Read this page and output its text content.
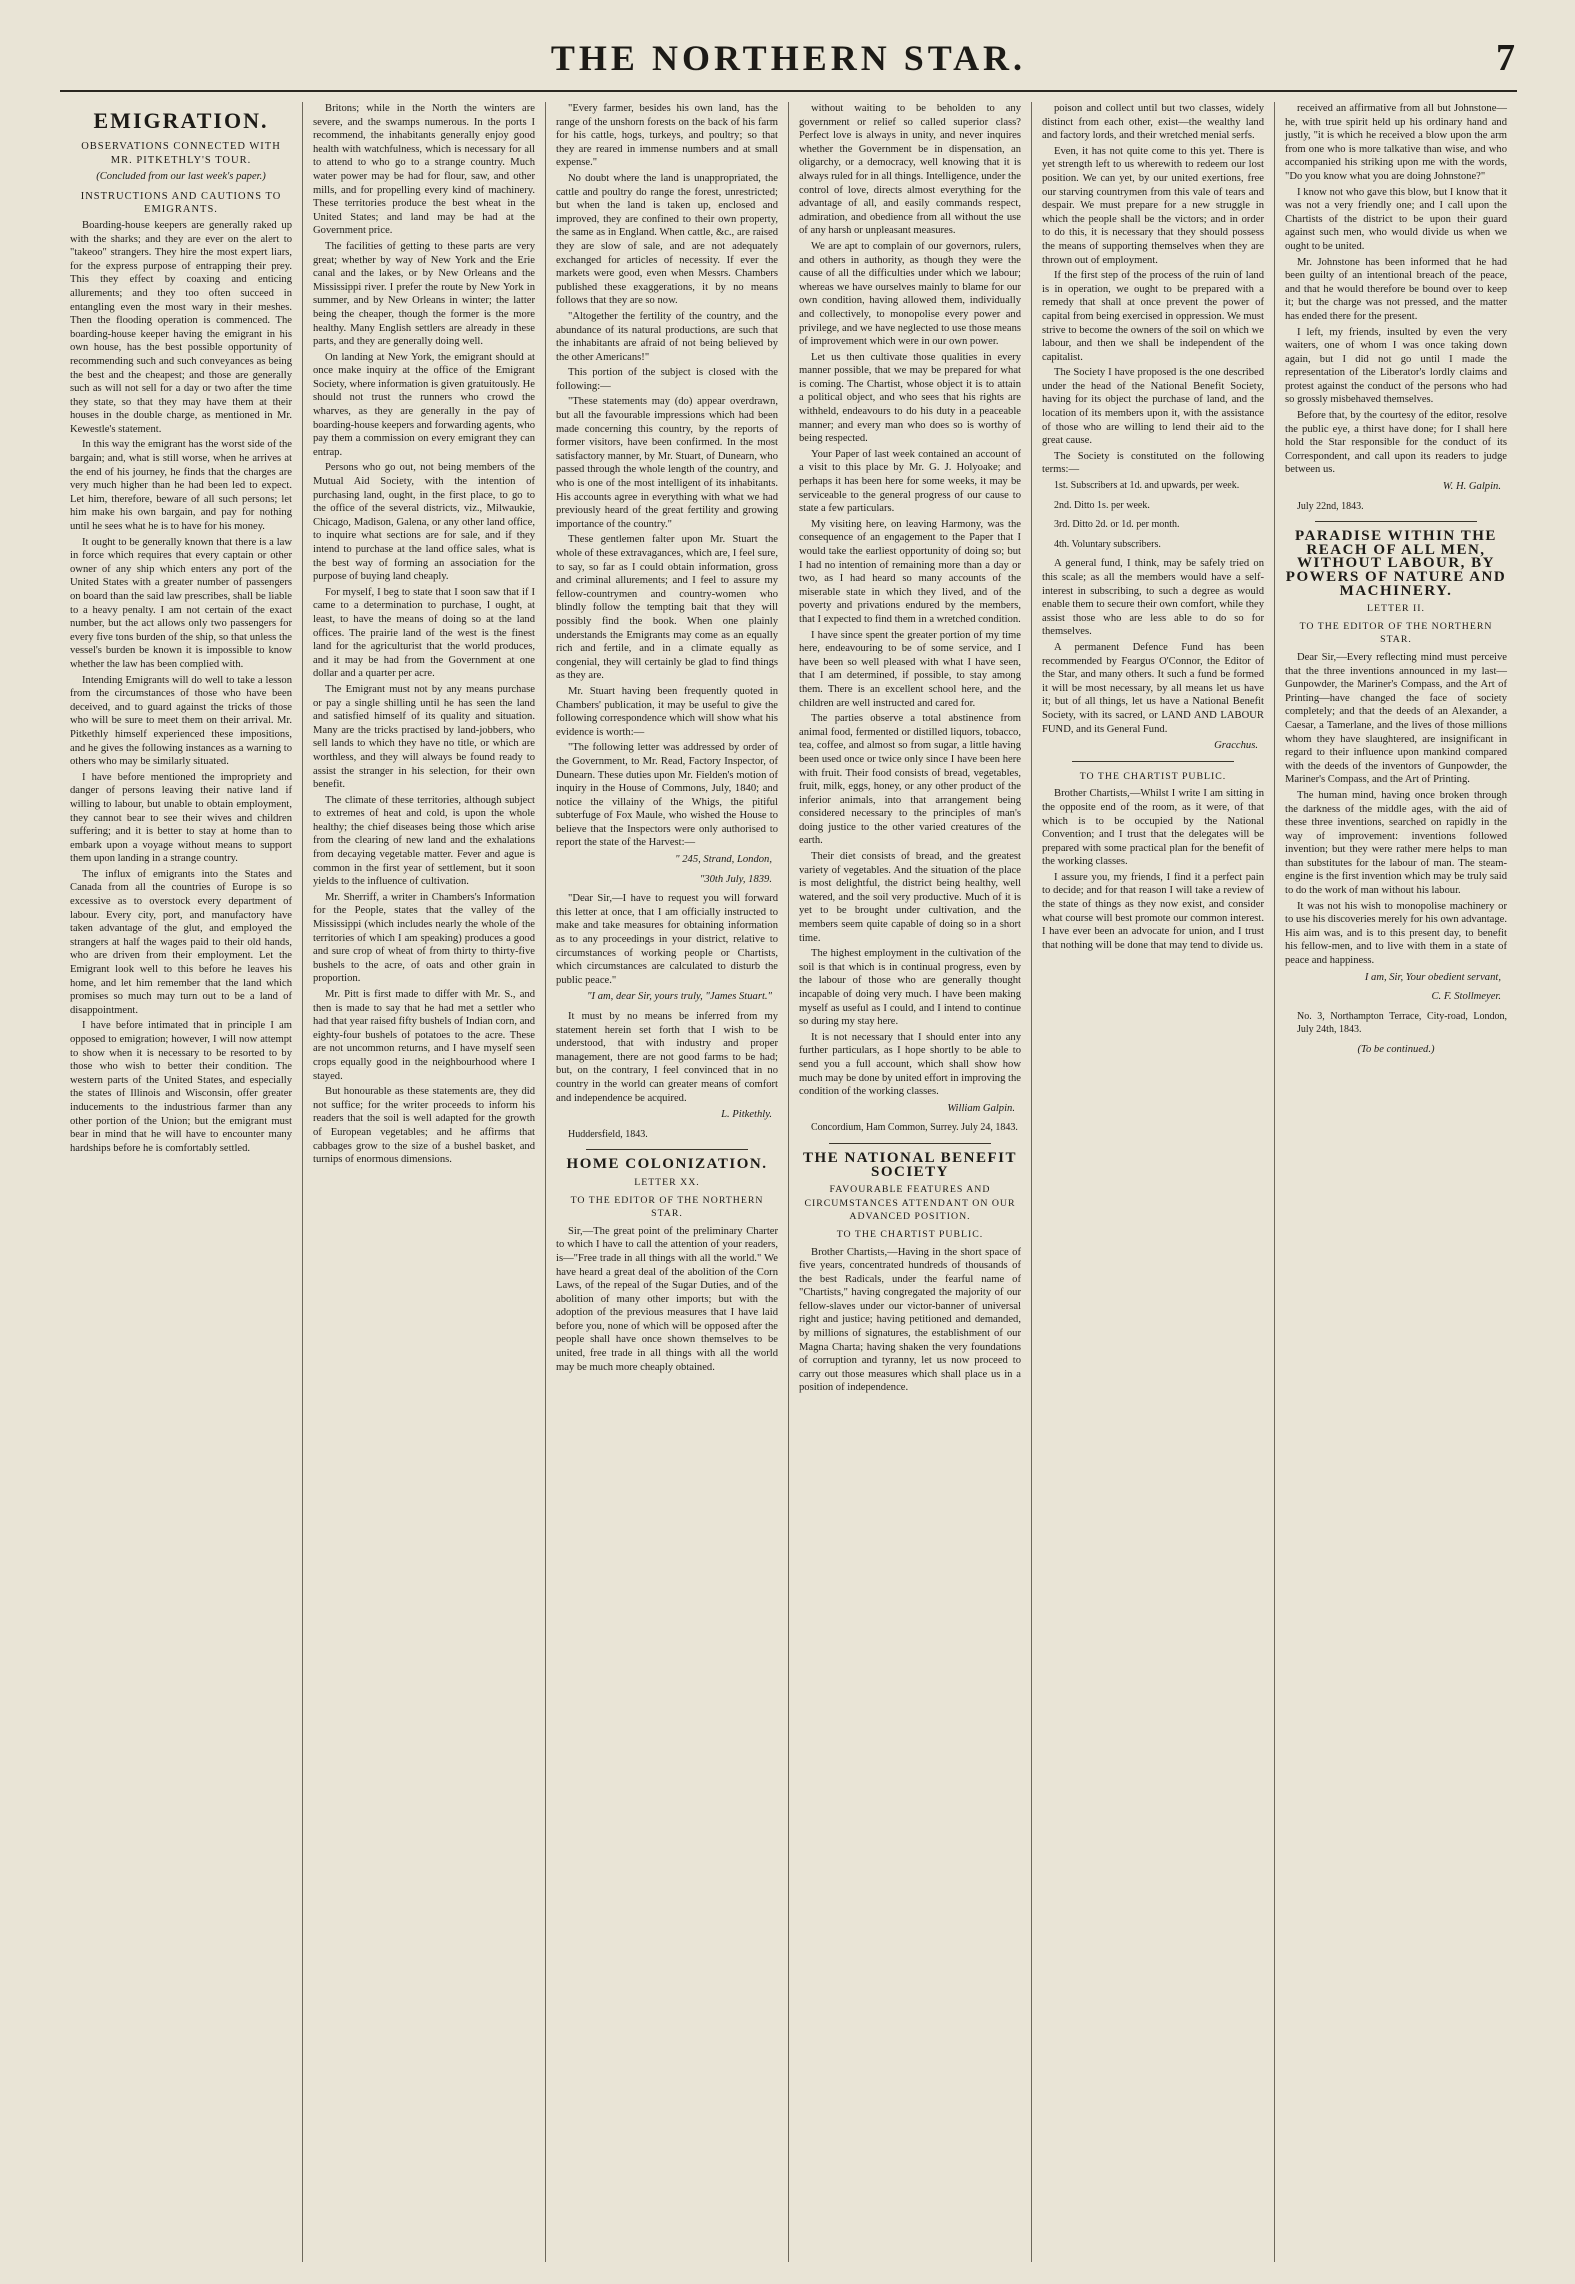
THE NORTHERN STAR.	7
EMIGRATION.
OBSERVATIONS CONNECTED WITH MR. PITKETHLY'S TOUR.
(Concluded from our last week's paper.)
INSTRUCTIONS AND CAUTIONS TO EMIGRANTS.

Boarding-house keepers are generally raked up with the sharks; and they are ever on the alert to "takeoo" strangers. They hire the most expert liars, for the express purpose of entrapping their prey. This they effect by coaxing and enticing allurements; and they too often succeed in entangling even the most wary in their meshes. Then the flooding operation is commenced. The boarding-house keeper having the emigrant in his own house, has the best possible opportunity of recommending such and such conveyances as being the best and the cheapest; and those are generally such as will not sell for a day or two after the time they state, so that they may have them at their houses in the double charge, as mentioned in Mr. Kewestle's statement.

In this way the emigrant has the worst side of the bargain; and, what is still worse, when he arrives at the end of his journey, he finds that the charges are very much higher than he had been led to expect. Let him, therefore, beware of all such persons; let him make his own bargain, and pay for nothing until he sees what he is to have for his money.

It ought to be generally known that there is a law in force which requires that every captain or other owner of any ship which enters any port of the United States with a greater number of passengers on board than the said law prescribes, shall be liable to a heavy penalty. I am not certain of the exact number, but the act allows only two passengers for every five tons burden of the ship, so that unless the vessel's burden be known it is impossible to know whether the law has been complied with.

Intending Emigrants will do well to take a lesson from the circumstances of those who have been deceived, and to guard against the tricks of those who will be sure to meet them on their arrival. Mr. Pitkethly himself experienced these impositions, and he gives the following instances as a warning to others who may be similarly situated.

I have before mentioned the impropriety and danger of persons leaving their native land if willing to labour, but unable to obtain employment, they cannot bear to see their wives and children suffering; and it is better to stay at home than to embark upon a voyage without means to support them upon landing in a strange country.

The influx of emigrants into the States and Canada from all the countries of Europe is so excessive as to overstock every department of labour. Every city, port, and manufactory have taken advantage of the glut, and employed the strangers at half the wages paid to their old hands, who are driven from their employment. Let the Emigrant look well to this before he leaves his home, and let him remember that the land which promises so much may turn out to be a land of disappointment.

I have before intimated that in principle I am opposed to emigration; however, I will now attempt to show when it is necessary to be resorted to by those who wish to better their condition. The western parts of the United States, and especially the states of Illinois and Wisconsin, offer greater inducements to the industrious farmer than any other portion of the Union; but the emigrant must bear in mind that he will have to encounter many hardships before he is comfortably settled.

Britons; while in the North the winters are severe, and the swamps numerous. In the ports I recommend, the inhabitants generally enjoy good health with watchfulness, which is necessary for all to attend to who go to a strange country. Much water power may be had for flour, saw, and other mills, and for propelling every kind of machinery. These territories produce the best wheat in the United States; and land may be had at the Government price.

The facilities of getting to these parts are very great; whether by way of New York and the Erie canal and the lakes, or by New Orleans and the Mississippi river. I prefer the route by New York in summer, and by New Orleans in winter; the latter being the cheaper, though the former is the more healthy. Many English settlers are already in these parts, and they are generally doing well.

On landing at New York, the emigrant should at once make inquiry at the office of the Emigrant Society, where information is given gratuitously. He should not trust the runners who crowd the wharves, as they are generally in the pay of boarding-house keepers and forwarding agents, who pay them a commission on every emigrant they can entrap.

Persons who go out, not being members of the Mutual Aid Society, with the intention of purchasing land, ought, in the first place, to go to the office of the several districts, viz., Milwaukie, Chicago, Madison, Galena, or any other land office, to inquire what sections are for sale, and if they intend to purchase at the land office sales, what is the best way of forming an association for the purpose of buying land cheaply.

For myself, I beg to state that I soon saw that if I came to a determination to purchase, I ought, at least, to have the means of doing so at the land offices. The prairie land of the west is the finest land for the agriculturist that the world produces, and it may be had from the Government at one dollar and a quarter per acre.

The Emigrant must not by any means purchase or pay a single shilling until he has seen the land and satisfied himself of its quality and situation. Many are the tricks practised by land-jobbers, who sell lands to which they have no title, or which are worthless, and they will always be found ready to assist the stranger in his selection, for their own benefit.

The climate of these territories, although subject to extremes of heat and cold, is upon the whole healthy; the chief diseases being those which arise from the clearing of new land and the exhalations from decaying vegetable matter. Fever and ague is common in the first year of settlement, but it soon yields to the influence of cultivation.

Mr. Sherriff, a writer in Chambers's Information for the People, states that the valley of the Mississippi (which includes nearly the whole of the territories of which I am speaking) produces a good and sure crop of wheat of from thirty to thirty-five bushels to the acre, of oats and other grain in proportion.

Mr. Pitt is first made to differ with Mr. S., and then is made to say that he had met a settler who had that year raised fifty bushels of Indian corn, and eighty-four bushels of potatoes to the acre. These are not uncommon returns, and I have myself seen crops equally good in the neighbourhood where I stayed.

But honourable as these statements are, they did not suffice; for the writer proceeds to inform his readers that the soil is well adapted for the growth of European vegetables; and he affirms that cabbages grow to the size of a bushel basket, and turnips of enormous dimensions.

"Every farmer, besides his own land, has the range of the unshorn forests on the back of his farm for his cattle, hogs, turkeys, and poultry; so that they are reared in immense numbers and at small expense."

No doubt where the land is unappropriated, the cattle and poultry do range the forest, unrestricted; but when the land is taken up, enclosed and improved, they are confined to their own property, the same as in England. When cattle, &c., are raised they are slow of sale, and are not adequately exchanged for articles of necessity. If ever the markets were good, even when Messrs. Chambers published these exaggerations, it by no means follows that they are so now.

"Altogether the fertility of the country, and the abundance of its natural productions, are such that the inhabitants are afraid of not being believed by the other Americans!"

This portion of the subject is closed with the following:—

"These statements may (do) appear overdrawn, but all the favourable impressions which had been made concerning this country, by the reports of former visitors, have been confirmed. In the most satisfactory manner, by Mr. Stuart, of Dunearn, who passed through the whole length of the country, and who is one of the most intelligent of its inhabitants. His accounts agree in everything with what we had previously heard of the great fertility and growing importance of the country."

These gentlemen falter upon Mr. Stuart the whole of these extravagances, which are, I feel sure, to say, so far as I could obtain information, gross and criminal allurements; and I feel to assure my fellow-countrymen and country-women who blindly follow the tempting bait that they will possibly find the book. When one plainly understands the Emigrants may come as an equally rich and fertile, and in a climate equally as congenial, they will certainly be glad to find things as they are.

Mr. Stuart having been frequently quoted in Chambers' publication, it may be useful to give the following correspondence which will show what his evidence is worth:—

"The following letter was addressed by order of the Government, to Mr. Read, Factory Inspector, of Dunearn. These duties upon Mr. Fielden's motion of inquiry in the House of Commons, July, 1840; and notice the villainy of the Whigs, the pitiful subterfuge of Fox Maule, who wished the House to believe that the Inspectors were only authorised to report the state of the Harvest:—

" 245, Strand, London,
"30th July, 1839.

"Dear Sir,—I have to request you will forward this letter at once, that I am officially instructed to make and take measures for obtaining information as to any proceedings in your district, relative to circumstances of working people or Chartists, which circumstances are calculated to disturb the public peace."

"I am, dear Sir, yours truly, "James Stuart."

It must by no means be inferred from my statement herein set forth that I wish to be understood, that with industry and proper management, there are not good farms to be had; but, on the contrary, I feel convinced that in no country in the world can greater means of comfort and independence be acquired.

L. Pitkethly.
Huddersfield, 1843.
HOME COLONIZATION.
LETTER XX.
TO THE EDITOR OF THE NORTHERN STAR.

Sir,—The great point of the preliminary Charter to which I have to call the attention of your readers, is—"Free trade in all things with all the world." We have heard a great deal of the abolition of the Corn Laws, of the repeal of the Sugar Duties, and of the abolition of many other imports; but with the adoption of the previous measures that I have laid before you, none of which will be opposed after the people shall have once shown themselves to be united, free trade in all things with all the world may be much more cheaply obtained.

without waiting to be beholden to any government or relief so called superior class? Perfect love is always in unity, and never inquires whether the Government be in dispensation, an oligarchy, or a democracy, well knowing that it is always ruled for in all things. Intelligence, under the control of love, directs almost everything for the advantage of all, and easily commands respect, admiration, and obedience from all without the use of any harsh or unpleasant measures.

We are apt to complain of our governors, rulers, and others in authority, as though they were the cause of all the difficulties under which we labour; whereas we have ourselves mainly to blame for our own condition, having allowed them, individually and collectively, to monopolise every power and privilege, and we have neglected to use those means of improvement which were in our own power.

Let us then cultivate those qualities in every manner possible, that we may be prepared for what is coming. The Chartist, whose object it is to attain a political object, and who sees that his rights are withheld, endeavours to do his duty in a peaceable manner; and every man who does so is worthy of being respected.

Your Paper of last week contained an account of a visit to this place by Mr. G. J. Holyoake; and perhaps it has been here for some weeks, it may be serviceable to the general progress of our cause to state a few particulars.

My visiting here, on leaving Harmony, was the consequence of an engagement to the Paper that I would take the earliest opportunity of doing so; but I had no intention of remaining more than a day or two, as I had heard so many accounts of the miserable state in which they lived, and of the poverty and privations endured by the members, that I expected to find them in a wretched condition.

I have since spent the greater portion of my time here, endeavouring to be of some service, and I have been so well pleased with what I have seen, that I am determined, if possible, to stay among them. There is an excellent school here, and the children are well instructed and cared for.

The parties observe a total abstinence from animal food, fermented or distilled liquors, tobacco, tea, coffee, and almost so from sugar, a little having been used once or twice only since I have been here with fruit. Their food consists of bread, vegetables, fruit, milk, eggs, honey, or any other product of the inferior animals, into that arrangement being considered necessary to the principles of man's doing justice to the other varied creatures of the earth.

Their diet consists of bread, and the greatest variety of vegetables. And the situation of the place is most delightful, the district being healthy, well watered, and the soil very productive. Much of it is yet to be brought under cultivation, and the members seem quite capable of doing so in a short time.

The highest employment in the cultivation of the soil is that which is in continual progress, even by the labour of those who are generally thought incapable of doing very much. I have been making myself as useful as I could, and I intend to continue so during my stay here.

It is not necessary that I should enter into any further particulars, as I hope shortly to be able to send you a full account, which shall show how much may be done by united effort in improving the condition of the working classes.

William Galpin.
Concordium, Ham Common, Surrey. July 24, 1843.
THE NATIONAL BENEFIT SOCIETY
FAVOURABLE FEATURES AND CIRCUMSTANCES ATTENDANT ON OUR ADVANCED POSITION.
TO THE CHARTIST PUBLIC.

Brother Chartists,—Having in the short space of five years, concentrated hundreds of thousands of the best Radicals, under the fearful name of "Chartists," having congregated the majority of our fellow-slaves under our victor-banner of universal right and justice; having petitioned and demanded, by millions of signatures, the establishment of our Magna Charta; having shaken the very foundations of corruption and tyranny, let us now proceed to carry out those measures which shall place us in a position of independence.

poison and collect until but two classes, widely distinct from each other, exist—the wealthy land and factory lords, and their wretched menial serfs.

Even, it has not quite come to this yet. There is yet strength left to us wherewith to redeem our lost position. We can yet, by our united exertions, free our starving countrymen from this vale of tears and despair. We must prepare for a new struggle in which the people shall be the victors; and in order to do this, it is necessary that they should possess the means of supporting themselves when they are thrown out of employment.

If the first step of the process of the ruin of land is in operation, we ought to be prepared with a remedy that shall at once prevent the power of capital from being exercised in oppression. We must strive to become the owners of the soil on which we labour, and then we shall be independent of the capitalist.

The Society I have proposed is the one described under the head of the National Benefit Society, having for its object the purchase of land, and the location of its members upon it, with the assistance of those who are willing to lend their aid to the great cause.

The Society is constituted on the following terms:—

1st. Subscribers at 1d. and upwards, per week.
2nd. Ditto 1s. per week.
3rd. Ditto 2d. or 1d. per month.
4th. Voluntary subscribers.

A general fund, I think, may be safely tried on this scale; as all the members would have a self-interest in subscribing, to such a degree as would enable them to secure their own comfort, while they assist those who are less able to do so for themselves.

A permanent Defence Fund has been recommended by Feargus O'Connor, the Editor of the Star, and many others. It such a fund be formed it will be most necessary, by all means let us have it; but of all things, let us have a National Benefit Society, with its sacred, or LAND AND LABOUR FUND, and its General Fund.

Gracchus.
TO THE CHARTIST PUBLIC.

Brother Chartists,—Whilst I write I am sitting in the opposite end of the room, as it were, of that which is to be occupied by the National Convention; and I trust that the delegates will be prepared with some practical plan for the benefit of the working classes.

I assure you, my friends, I find it a perfect pain to decide; and for that reason I will take a review of the state of things as they now exist, and consider what course will best promote our common interest. I have ever been an advocate for union, and I trust that nothing will be done that may tend to divide us.

received an affirmative from all but Johnstone—he, with true spirit held up his ordinary hand and justly, "it is which he received a blow upon the arm from one who is more talkative than wise, and who accompanied his striking upon me with the words, "Do you know what you are doing Johnstone?"

I know not who gave this blow, but I know that it was not a very friendly one; and I call upon the Chartists of the district to be upon their guard against such men, who would divide us when we ought to be united.

Mr. Johnstone has been informed that he had been guilty of an intentional breach of the peace, and that he would therefore be bound over to keep it; but the charge was not pressed, and the matter has ended there for the present.

I left, my friends, insulted by even the very waiters, one of whom I was once taking down again, but I did not go until I made the representation of the Liberator's lordly claims and protest against the conduct of the persons who had so grossly misbehaved themselves.

Before that, by the courtesy of the editor, resolve the public eye, a thirst have done; for I shall here hold the Star responsible for the conduct of its Correspondent, and call upon its readers to judge between us.

W. H. Galpin.
July 22nd, 1843.
PARADISE WITHIN THE REACH OF ALL MEN, WITHOUT LABOUR, BY POWERS OF NATURE AND MACHINERY.
LETTER II.
TO THE EDITOR OF THE NORTHERN STAR.

Dear Sir,—Every reflecting mind must perceive that the three inventions announced in my last—Gunpowder, the Mariner's Compass, and the Art of Printing—have changed the face of society completely; and that the deeds of an Alexander, a Caesar, a Tamerlane, and the lives of those millions whom they have slaughtered, are insignificant in regard to their influence upon mankind compared with the deeds of the inventors of Gunpowder, the Mariner's Compass, and the Art of Printing.

The human mind, having once broken through the darkness of the middle ages, with the aid of these three inventions, searched on rapidly in the way of improvement: inventions followed invention; but they were rather mere helps to man than substitutes for the labour of man. The steam-engine is the first invention which may be truly said to do the work of man without his labour.

It was not his wish to monopolise machinery or to use his discoveries merely for his own advantage. His aim was, and is to this present day, to benefit his fellow-men, and to live with them in a state of peace and happiness.

I am, Sir, Your obedient servant,
C. F. Stollmeyer.
No. 3, Northampton Terrace, City-road, London, July 24th, 1843.
(To be continued.)
